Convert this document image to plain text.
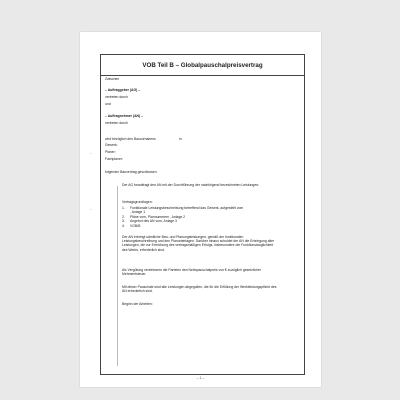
VOB Teil B – Globalpauschalpreisvertrag
Zwischen
– Auftraggeber (AG) –
vertreten durch
und
– Auftragnehmer (AN) –
vertreten durch
wird bezüglich des Bauvorhabens	in
Gewerk:
Planer:
Fachplaner:
folgender Bauvertrag geschlossen:
Der AG beauftragt den AN mit der Durchführung der nachfolgend bezeichneten Leistungen:
Vertragsgrundlagen:
1. Funktionale Leistungsbeschreibung betreffend das Gewerk, aufgestellt vom
, Anlage 1
2. Pläne vom, Plannummern , Anlage 2
3. Angebot des AN vom, Anlage 3
4. VOB/B
Der AN erbringt sämtliche Bau- und Planungsleistungen, gemäß der funktionalen Leistungsbeschreibung und den Planunterlagen. Darüber hinaus schuldet der AN die Erbringung aller Leistungen, die zur Erreichung des vertragsmäßigen Erfolgs, insbesondere der Funktionstauglichkeit des Werks, erforderlich sind.
Als Vergütung vereinbaren die Parteien den Nettopauschalpreis von € zuzüglich gesetzlicher Mehrwertsteuer.
Mit dieser Pauschale sind alle Leistungen abgegolten, die für die Erfüllung der Werkleistungspflicht des AN erforderlich sind.
Beginn der Arbeiten:
– 1 –
–
–
